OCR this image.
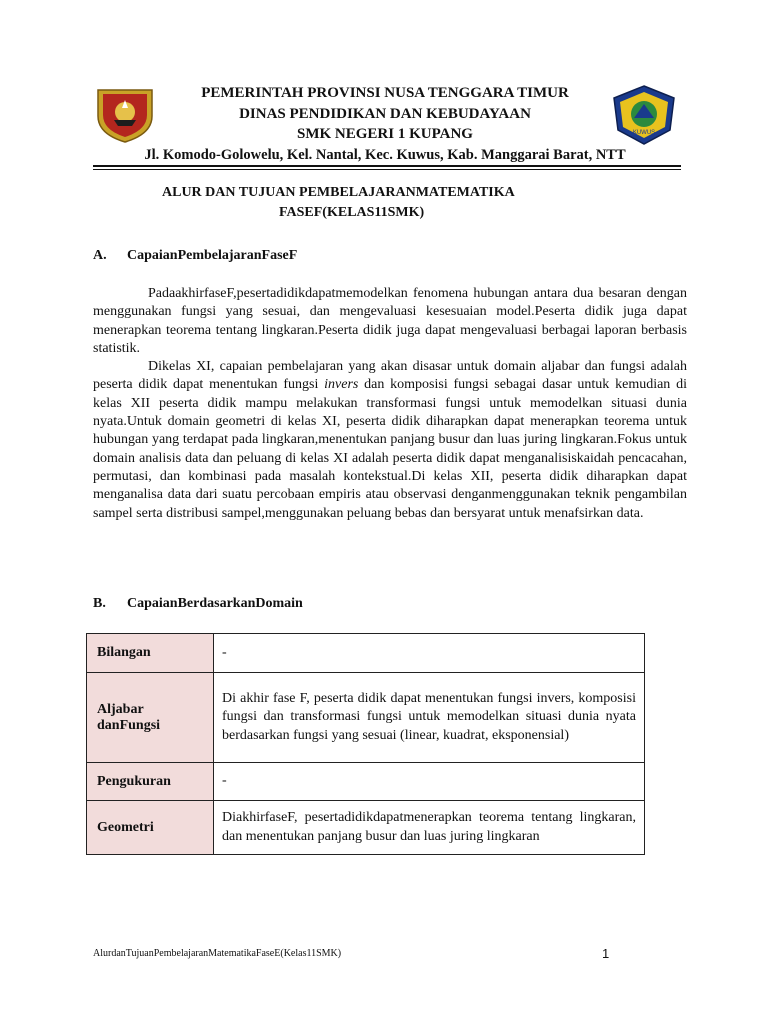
KUWUS
PEMERINTAH PROVINSI NUSA TENGGARA TIMUR
DINAS PENDIDIKAN DAN KEBUDAYAAN
SMK NEGERI 1 KUPANG
Jl. Komodo-Golowelu, Kel. Nantal, Kec. Kuwus, Kab. Manggarai Barat, NTT
ALUR DAN TUJUAN PEMBELAJARANMATEMATIKA
FASEF(KELAS11SMK)
A. CapaianPembelajaranFaseF

PadaakhirfaseF,pesertadidikdapatmemodelkan fenomena hubungan antara dua besaran dengan menggunakan fungsi yang sesuai, dan mengevaluasi kesesuaian model.Peserta didik juga dapat menerapkan teorema tentang lingkaran.Peserta didik juga dapat mengevaluasi berbagai laporan berbasis statistik.

Dikelas XI, capaian pembelajaran yang akan disasar untuk domain aljabar dan fungsi adalah peserta didik dapat menentukan fungsi invers dan komposisi fungsi sebagai dasar untuk kemudian di kelas XII peserta didik mampu melakukan transformasi fungsi untuk memodelkan situasi dunia nyata.Untuk domain geometri di kelas XI, peserta didik diharapkan dapat menerapkan teorema untuk hubungan yang terdapat pada lingkaran,menentukan panjang busur dan luas juring lingkaran.Fokus untuk domain analisis data dan peluang di kelas XI adalah peserta didik dapat menganalisiskaidah pencacahan, permutasi, dan kombinasi pada masalah kontekstual.Di kelas XII, peserta didik diharapkan dapat menganalisa data dari suatu percobaan empiris atau observasi denganmenggunakan teknik pengambilan sampel serta distribusi sampel,menggunakan peluang bebas dan bersyarat untuk menafsirkan data.

B. CapaianBerdasarkanDomain
Bilangan	-
Aljabar danFungsi	Di akhir fase F, peserta didik dapat menentukan fungsi invers, komposisi fungsi dan transformasi fungsi untuk memodelkan situasi dunia nyata berdasarkan fungsi yang sesuai (linear, kuadrat, eksponensial)
Pengukuran	-
Geometri	DiakhirfaseF, pesertadidikdapatmenerapkan teorema tentang lingkaran, dan menentukan panjang busur dan luas juring lingkaran
AlurdanTujuanPembelajaranMatematikaFaseE(Kelas11SMK)	1
